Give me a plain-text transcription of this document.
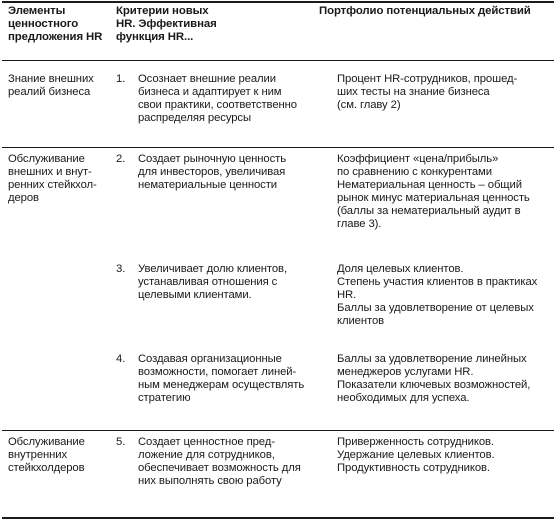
Элементы
ценностного
предложения HR
Критерии новых
HR. Эффективная
функция HR...
Портфолио потенциальных действий
Знание внешних
реалий бизнеса
Обслуживание
внешних и внут-
ренних стейкхол-
деров
Обслуживание
внутренних
стейкхолдеров
1. Осознает внешние реалии
бизнеса и адаптирует к ним
свои практики, соответственно
распределяя ресурсы
Процент HR-сотрудников, прошед-
ших тесты на знание бизнеса
(см. главу 2)
2. Создает рыночную ценность
для инвесторов, увеличивая
нематериальные ценности
Коэффициент «цена/прибыль»
по сравнению с конкурентами
Нематериальная ценность – общий
рынок минус материальная ценность
(баллы за нематериальный аудит в
главе 3).
3. Увеличивает долю клиентов,
устанавливая отношения с
целевыми клиентами.
Доля целевых клиентов.
Степень участия клиентов в практиках
HR.
Баллы за удовлетворение от целевых
клиентов
4. Создавая организационные
возможности, помогает линей-
ным менеджерам осуществлять
стратегию
Баллы за удовлетворение линейных
менеджеров услугами HR.
Показатели ключевых возможностей,
необходимых для успеха.
5. Создает ценностное пред-
ложение для сотрудников,
обеспечивает возможность для
них выполнять свою работу
Приверженность сотрудников.
Удержание целевых клиентов.
Продуктивность сотрудников.
